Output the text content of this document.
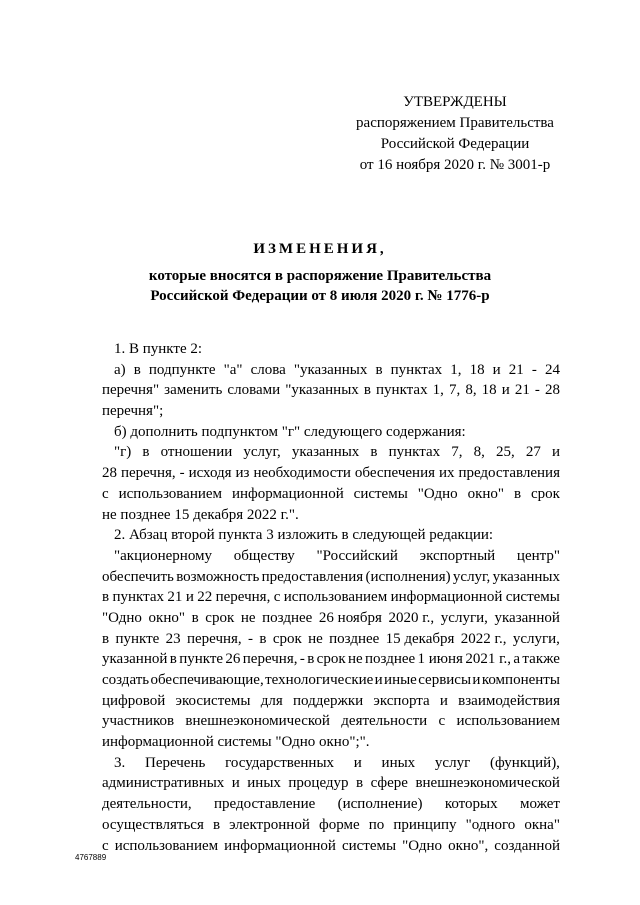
УТВЕРЖДЕНЫ
распоряжением Правительства
Российской Федерации
от 16 ноября 2020 г. № 3001-р
ИЗМЕНЕНИЯ,
которые вносятся в распоряжение Правительства
Российской Федерации от 8 июля 2020 г. № 1776-р
1. В пункте 2:
а) в подпункте "а" слова "указанных в пунктах 1, 18 и 21 - 24
перечня" заменить словами "указанных в пунктах 1, 7, 8, 18 и 21 - 28
перечня";
б) дополнить подпунктом "г" следующего содержания:
"г) в отношении услуг, указанных в пунктах 7, 8, 25, 27 и
28 перечня, - исходя из необходимости обеспечения их предоставления
с использованием информационной системы "Одно окно" в срок
не позднее 15 декабря 2022 г.".
2. Абзац второй пункта 3 изложить в следующей редакции:
"акционерному обществу "Российский экспортный центр"
обеспечить возможность предоставления (исполнения) услуг, указанных
в пунктах 21 и 22 перечня, с использованием информационной системы
"Одно окно" в срок не позднее 26 ноября 2020 г., услуги, указанной
в пункте 23 перечня, - в срок не позднее 15 декабря 2022 г., услуги,
указанной в пункте 26 перечня, - в срок не позднее 1 июня 2021 г., а также
создать обеспечивающие, технологические и иные сервисы и компоненты
цифровой экосистемы для поддержки экспорта и взаимодействия
участников внешнеэкономической деятельности с использованием
информационной системы "Одно окно";".
3. Перечень государственных и иных услуг (функций),
административных и иных процедур в сфере внешнеэкономической
деятельности, предоставление (исполнение) которых может
осуществляться в электронной форме по принципу "одного окна"
с использованием информационной системы "Одно окно", созданной
4767889
